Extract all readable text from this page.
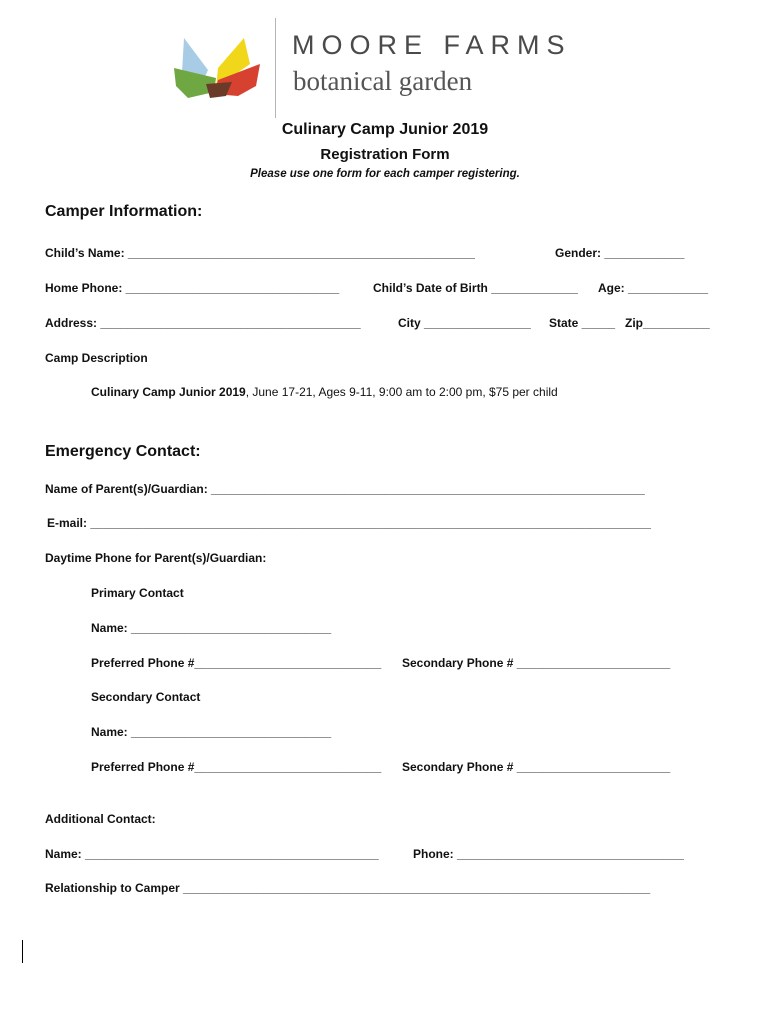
MOORE FARMS
botanical garden
Culinary Camp Junior 2019
Registration Form
Please use one form for each camper registering.
Camper Information:
Child’s Name: ____________________________________________________	Gender: ____________
Home Phone: ________________________________	Child’s Date of Birth _____________ Age: ____________
Address: _______________________________________	City ________________ State _____ Zip__________
Camp Description
Culinary Camp Junior 2019, June 17-21, Ages 9-11, 9:00 am to 2:00 pm, $75 per child
Emergency Contact:
Name of Parent(s)/Guardian: _________________________________________________________________
E-mail: ____________________________________________________________________________________
Daytime Phone for Parent(s)/Guardian:
Primary Contact
Name: ______________________________
Preferred Phone #____________________________ Secondary Phone # _______________________
Secondary Contact
Name: ______________________________
Preferred Phone #____________________________ Secondary Phone # _______________________
Additional Contact:
Name: ____________________________________________	Phone: __________________________________
Relationship to Camper ______________________________________________________________________
